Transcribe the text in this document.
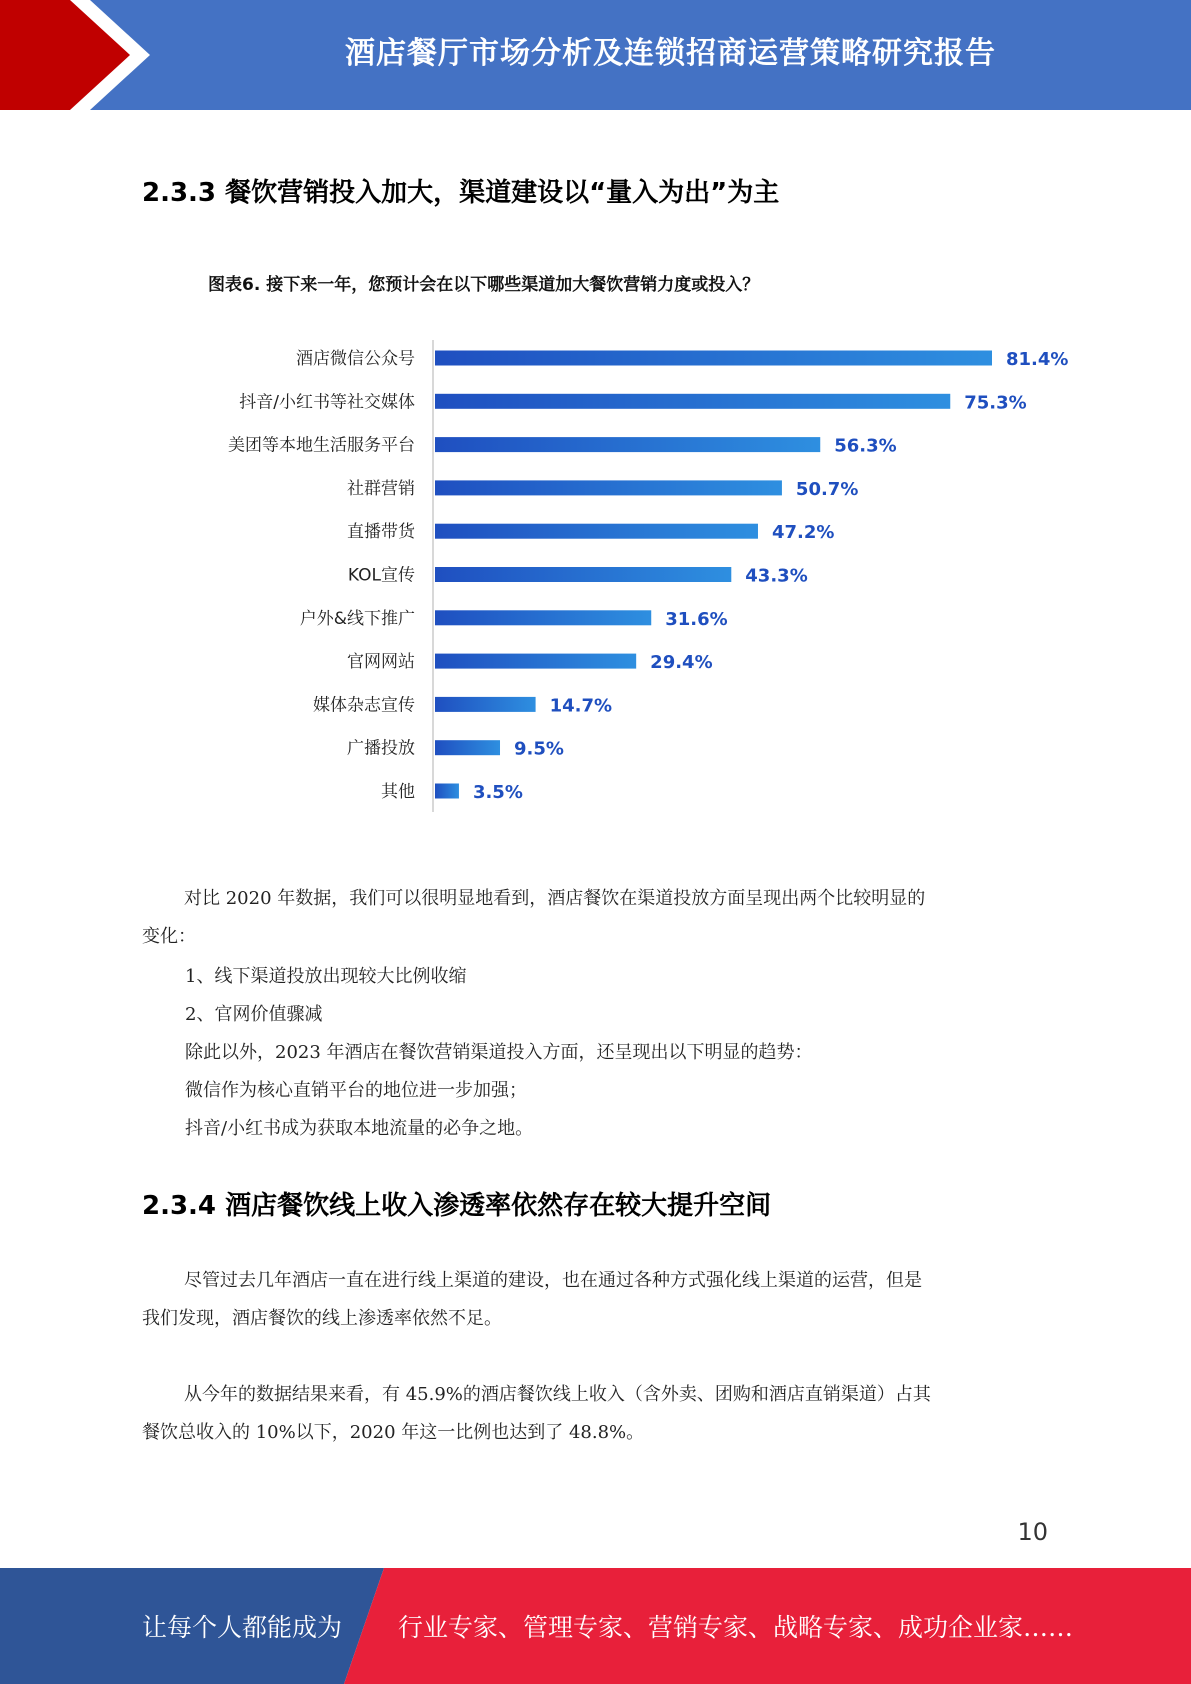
酒店餐厅市场分析及连锁招商运营策略研究报告
2.3.3 餐饮营销投入加大，渠道建设以“量入为出”为主
图表6. 接下来一年，您预计会在以下哪些渠道加大餐饮营销力度或投入？
酒店微信公众号	81.4%
抖音/小红书等社交媒体	75.3%
美团等本地生活服务平台	56.3%
社群营销	50.7%
直播带货	47.2%
KOL宣传	43.3%
户外&线下推广	31.6%
官网网站	29.4%
媒体杂志宣传	14.7%
广播投放	9.5%
其他	3.5%
对比 2020 年数据，我们可以很明显地看到，酒店餐饮在渠道投放方面呈现出两个比较明显的
变化：
1、线下渠道投放出现较大比例收缩
2、官网价值骤减
除此以外，2023 年酒店在餐饮营销渠道投入方面，还呈现出以下明显的趋势：
微信作为核心直销平台的地位进一步加强；
抖音/小红书成为获取本地流量的必争之地。
2.3.4 酒店餐饮线上收入渗透率依然存在较大提升空间
尽管过去几年酒店一直在进行线上渠道的建设，也在通过各种方式强化线上渠道的运营，但是
我们发现，酒店餐饮的线上渗透率依然不足。
从今年的数据结果来看，有 45.9%的酒店餐饮线上收入（含外卖、团购和酒店直销渠道）占其
餐饮总收入的 10%以下，2020 年这一比例也达到了 48.8%。
10
让每个人都能成为 行业专家、管理专家、营销专家、战略专家、成功企业家……
